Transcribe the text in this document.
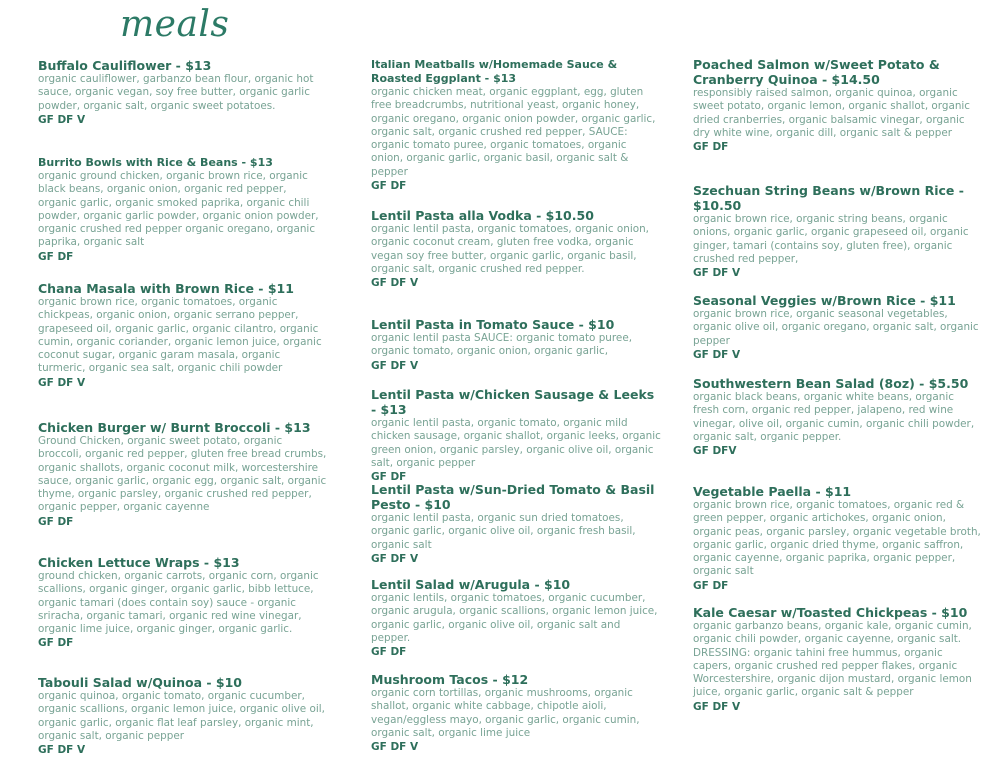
meals
Buffalo Cauliflower - $13
organic cauliflower, garbanzo bean flour, organic hot sauce, organic vegan, soy free butter, organic garlic powder, organic salt, organic sweet potatoes.
GF DF V
Burrito Bowls with Rice & Beans - $13
organic ground chicken, organic brown rice, organic black beans, organic onion, organic red pepper, organic garlic, organic smoked paprika, organic chili powder, organic garlic powder, organic onion powder, organic crushed red pepper organic oregano, organic paprika, organic salt
GF DF
Chana Masala with Brown Rice - $11
organic brown rice, organic tomatoes, organic chickpeas, organic onion, organic serrano pepper, grapeseed oil, organic garlic, organic cilantro, organic cumin, organic coriander, organic lemon juice, organic coconut sugar, organic garam masala, organic turmeric, organic sea salt, organic chili powder
GF DF V
Chicken Burger w/ Burnt Broccoli - $13
Ground Chicken, organic sweet potato, organic broccoli, organic red pepper, gluten free bread crumbs, organic shallots, organic coconut milk, worcestershire sauce, organic garlic, organic egg, organic salt, organic thyme, organic parsley, organic crushed red pepper, organic pepper, organic cayenne
GF DF
Chicken Lettuce Wraps - $13
ground chicken, organic carrots, organic corn, organic scallions, organic ginger, organic garlic, bibb lettuce, organic tamari (does contain soy) sauce - organic sriracha, organic tamari, organic red wine vinegar, organic lime juice, organic ginger, organic garlic.
GF DF
Tabouli Salad w/Quinoa - $10
organic quinoa, organic tomato, organic cucumber, organic scallions, organic lemon juice, organic olive oil, organic garlic, organic flat leaf parsley, organic mint, organic salt, organic pepper
GF DF V
Italian Meatballs w/Homemade Sauce & Roasted Eggplant - $13
organic chicken meat, organic eggplant, egg, gluten free breadcrumbs, nutritional yeast, organic honey, organic oregano, organic onion powder, organic garlic, organic salt, organic crushed red pepper, SAUCE: organic tomato puree, organic tomatoes, organic onion, organic garlic, organic basil, organic salt & pepper
GF DF
Lentil Pasta alla Vodka - $10.50
organic lentil pasta, organic tomatoes, organic onion, organic coconut cream, gluten free vodka, organic vegan soy free butter, organic garlic, organic basil, organic salt, organic crushed red pepper.
GF DF V
Lentil Pasta in Tomato Sauce - $10
organic lentil pasta SAUCE: organic tomato puree, organic tomato, organic onion, organic garlic,
GF DF V
Lentil Pasta w/Chicken Sausage & Leeks - $13
organic lentil pasta, organic tomato, organic mild chicken sausage, organic shallot, organic leeks, organic green onion, organic parsley, organic olive oil, organic salt, organic pepper
GF DF
Lentil Pasta w/Sun-Dried Tomato & Basil Pesto - $10
organic lentil pasta, organic sun dried tomatoes, organic garlic, organic olive oil, organic fresh basil, organic salt
GF DF V
Lentil Salad w/Arugula - $10
organic lentils, organic tomatoes, organic cucumber, organic arugula, organic scallions, organic lemon juice, organic garlic, organic olive oil, organic salt and pepper.
GF DF
Mushroom Tacos - $12
organic corn tortillas, organic mushrooms, organic shallot, organic white cabbage, chipotle aioli, vegan/eggless mayo, organic garlic, organic cumin, organic salt, organic lime juice
GF DF V
Poached Salmon w/Sweet Potato & Cranberry Quinoa - $14.50
responsibly raised salmon, organic quinoa, organic sweet potato, organic lemon, organic shallot, organic dried cranberries, organic balsamic vinegar, organic dry white wine, organic dill, organic salt & pepper
GF DF
Szechuan String Beans w/Brown Rice - $10.50
organic brown rice, organic string beans, organic onions, organic garlic, organic grapeseed oil, organic ginger, tamari (contains soy, gluten free), organic crushed red pepper,
GF DF V
Seasonal Veggies w/Brown Rice - $11
organic brown rice, organic seasonal vegetables, organic olive oil, organic oregano, organic salt, organic pepper
GF DF V
Southwestern Bean Salad (8oz) - $5.50
organic black beans, organic white beans, organic fresh corn, organic red pepper, jalapeno, red wine vinegar, olive oil, organic cumin, organic chili powder, organic salt, organic pepper.
GF DFV
Vegetable Paella - $11
organic brown rice, organic tomatoes, organic red & green pepper, organic artichokes, organic onion, organic peas, organic parsley, organic vegetable broth, organic garlic, organic dried thyme, organic saffron, organic cayenne, organic paprika, organic pepper, organic salt
GF DF
Kale Caesar w/Toasted Chickpeas - $10
organic garbanzo beans, organic kale, organic cumin, organic chili powder, organic cayenne, organic salt. DRESSING: organic tahini free hummus, organic capers, organic crushed red pepper flakes, organic Worcestershire, organic dijon mustard, organic lemon juice, organic garlic, organic salt & pepper
GF DF V
